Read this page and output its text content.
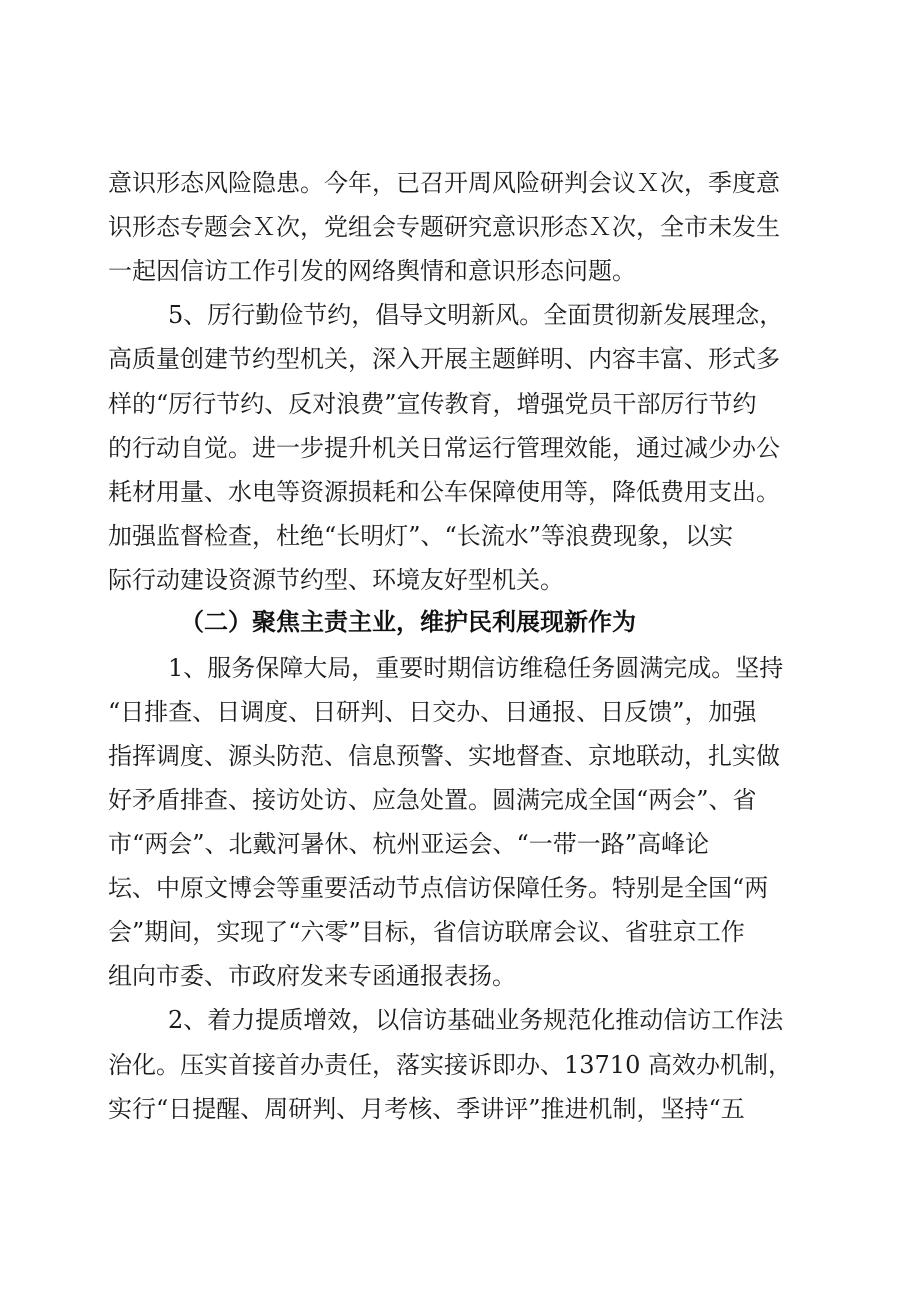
意识形态风险隐患。今年，已召开周风险研判会议Ｘ次，季度意
识形态专题会Ｘ次，党组会专题研究意识形态Ｘ次，全市未发生
一起因信访工作引发的网络舆情和意识形态问题。
5、厉行勤俭节约，倡导文明新风。全面贯彻新发展理念，
高质量创建节约型机关，深入开展主题鲜明、内容丰富、形式多
样的“厉行节约、反对浪费”宣传教育，增强党员干部厉行节约
的行动自觉。进一步提升机关日常运行管理效能，通过减少办公
耗材用量、水电等资源损耗和公车保障使用等，降低费用支出。
加强监督检查，杜绝“长明灯”、“长流水”等浪费现象，以实
际行动建设资源节约型、环境友好型机关。
（二）聚焦主责主业，维护民利展现新作为
1、服务保障大局，重要时期信访维稳任务圆满完成。坚持
“日排查、日调度、日研判、日交办、日通报、日反馈”，加强
指挥调度、源头防范、信息预警、实地督查、京地联动，扎实做
好矛盾排查、接访处访、应急处置。圆满完成全国“两会”、省
市“两会”、北戴河暑休、杭州亚运会、“一带一路”高峰论
坛、中原文博会等重要活动节点信访保障任务。特别是全国“两
会”期间，实现了“六零”目标，省信访联席会议、省驻京工作
组向市委、市政府发来专函通报表扬。
2、着力提质增效，以信访基础业务规范化推动信访工作法
治化。压实首接首办责任，落实接诉即办、13710 高效办机制，
实行“日提醒、周研判、月考核、季讲评”推进机制，坚持“五
